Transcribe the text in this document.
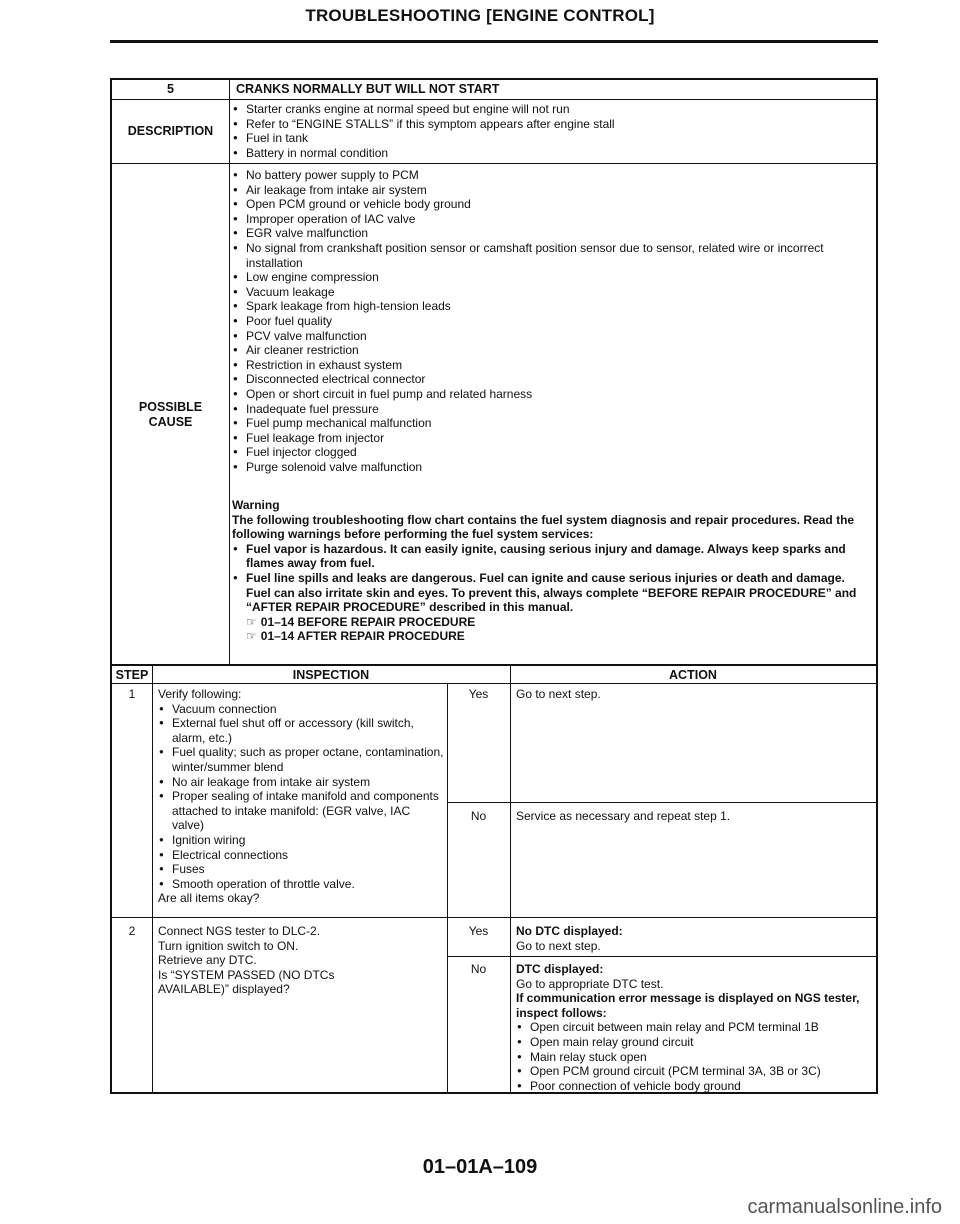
TROUBLESHOOTING [ENGINE CONTROL]
5	CRANKS NORMALLY BUT WILL NOT START
DESCRIPTION
● Starter cranks engine at normal speed but engine will not run
● Refer to “ENGINE STALLS” if this symptom appears after engine stall
● Fuel in tank
● Battery in normal condition
POSSIBLE
CAUSE
● No battery power supply to PCM
● Air leakage from intake air system
● Open PCM ground or vehicle body ground
● Improper operation of IAC valve
● EGR valve malfunction
● No signal from crankshaft position sensor or camshaft position sensor due to sensor, related wire or incorrect installation
● Low engine compression
● Vacuum leakage
● Spark leakage from high-tension leads
● Poor fuel quality
● PCV valve malfunction
● Air cleaner restriction
● Restriction in exhaust system
● Disconnected electrical connector
● Open or short circuit in fuel pump and related harness
● Inadequate fuel pressure
● Fuel pump mechanical malfunction
● Fuel leakage from injector
● Fuel injector clogged
● Purge solenoid valve malfunction
Warning
The following troubleshooting flow chart contains the fuel system diagnosis and repair procedures. Read the following warnings before performing the fuel system services:
● Fuel vapor is hazardous. It can easily ignite, causing serious injury and damage. Always keep sparks and flames away from fuel.
● Fuel line spills and leaks are dangerous. Fuel can ignite and cause serious injuries or death and damage. Fuel can also irritate skin and eyes. To prevent this, always complete “BEFORE REPAIR PROCEDURE” and “AFTER REPAIR PROCEDURE” described in this manual.
☞ 01–14 BEFORE REPAIR PROCEDURE
☞ 01–14 AFTER REPAIR PROCEDURE
STEP	INSPECTION	ACTION
1	Verify following:
● Vacuum connection
● External fuel shut off or accessory (kill switch, alarm, etc.)
● Fuel quality; such as proper octane, contamination, winter/summer blend
● No air leakage from intake air system
● Proper sealing of intake manifold and components attached to intake manifold: (EGR valve, IAC valve)
● Ignition wiring
● Electrical connections
● Fuses
● Smooth operation of throttle valve.
Are all items okay?
Yes	Go to next step.
No	Service as necessary and repeat step 1.
2	Connect NGS tester to DLC-2.
Turn ignition switch to ON.
Retrieve any DTC.
Is “SYSTEM PASSED (NO DTCs AVAILABLE)” displayed?
Yes	No DTC displayed:
Go to next step.
No	DTC displayed:
Go to appropriate DTC test.
If communication error message is displayed on NGS tester, inspect follows:
● Open circuit between main relay and PCM terminal 1B
● Open main relay ground circuit
● Main relay stuck open
● Open PCM ground circuit (PCM terminal 3A, 3B or 3C)
● Poor connection of vehicle body ground
01–01A–109
carmanualsonline.info
